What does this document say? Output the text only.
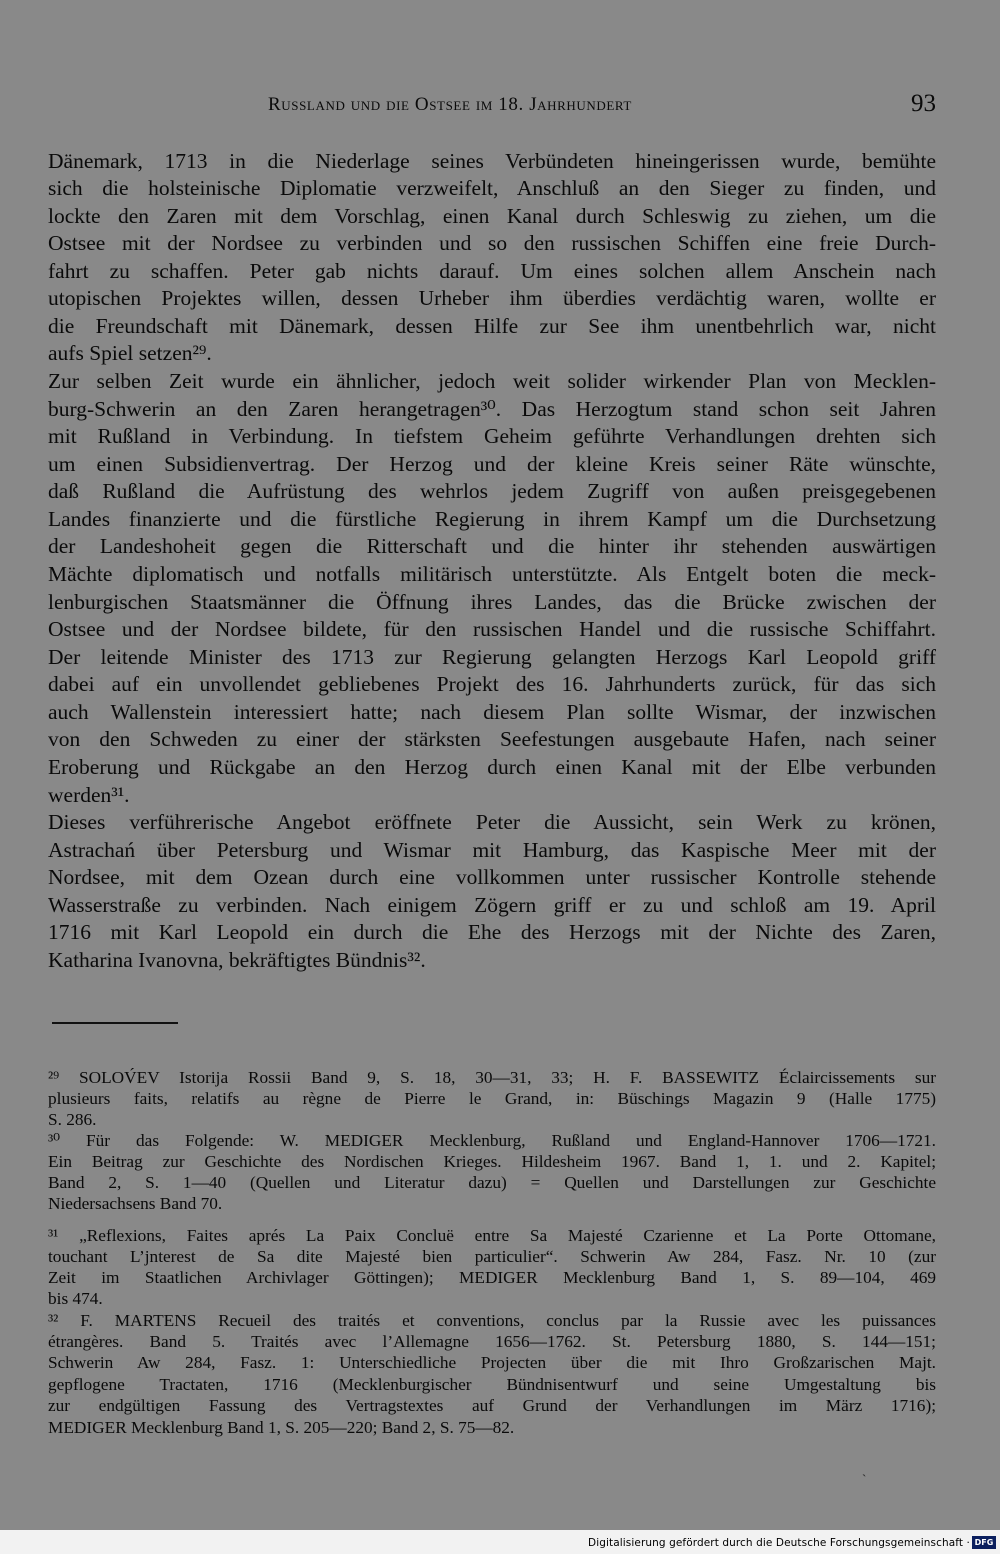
Russland und die Ostsee im 18. Jahrhundert	93
Dänemark, 1713 in die Niederlage seines Verbündeten hineingerissen wurde, bemühte
sich die holsteinische Diplomatie verzweifelt, Anschluß an den Sieger zu finden, und
lockte den Zaren mit dem Vorschlag, einen Kanal durch Schleswig zu ziehen, um die
Ostsee mit der Nordsee zu verbinden und so den russischen Schiffen eine freie Durch-
fahrt zu schaffen. Peter gab nichts darauf. Um eines solchen allem Anschein nach
utopischen Projektes willen, dessen Urheber ihm überdies verdächtig waren, wollte er
die Freundschaft mit Dänemark, dessen Hilfe zur See ihm unentbehrlich war, nicht
aufs Spiel setzen²⁹.
Zur selben Zeit wurde ein ähnlicher, jedoch weit solider wirkender Plan von Mecklen-
burg-Schwerin an den Zaren herangetragen³⁰. Das Herzogtum stand schon seit Jahren
mit Rußland in Verbindung. In tiefstem Geheim geführte Verhandlungen drehten sich
um einen Subsidienvertrag. Der Herzog und der kleine Kreis seiner Räte wünschte,
daß Rußland die Aufrüstung des wehrlos jedem Zugriff von außen preisgegebenen
Landes finanzierte und die fürstliche Regierung in ihrem Kampf um die Durchsetzung
der Landeshoheit gegen die Ritterschaft und die hinter ihr stehenden auswärtigen
Mächte diplomatisch und notfalls militärisch unterstützte. Als Entgelt boten die meck-
lenburgischen Staatsmänner die Öffnung ihres Landes, das die Brücke zwischen der
Ostsee und der Nordsee bildete, für den russischen Handel und die russische Schiffahrt.
Der leitende Minister des 1713 zur Regierung gelangten Herzogs Karl Leopold griff
dabei auf ein unvollendet gebliebenes Projekt des 16. Jahrhunderts zurück, für das sich
auch Wallenstein interessiert hatte; nach diesem Plan sollte Wismar, der inzwischen
von den Schweden zu einer der stärksten Seefestungen ausgebaute Hafen, nach seiner
Eroberung und Rückgabe an den Herzog durch einen Kanal mit der Elbe verbunden
werden³¹.
Dieses verführerische Angebot eröffnete Peter die Aussicht, sein Werk zu krönen,
Astrachań über Petersburg und Wismar mit Hamburg, das Kaspische Meer mit der
Nordsee, mit dem Ozean durch eine vollkommen unter russischer Kontrolle stehende
Wasserstraße zu verbinden. Nach einigem Zögern griff er zu und schloß am 19. April
1716 mit Karl Leopold ein durch die Ehe des Herzogs mit der Nichte des Zaren,
Katharina Ivanovna, bekräftigtes Bündnis³².
²⁹ SOLOV́EV Istorija Rossii Band 9, S. 18, 30—31, 33; H. F. BASSEWITZ Éclaircissements sur
plusieurs faits, relatifs au règne de Pierre le Grand, in: Büschings Magazin 9 (Halle 1775)
S. 286.
³⁰ Für das Folgende: W. MEDIGER Mecklenburg, Rußland und England-Hannover 1706—1721.
Ein Beitrag zur Geschichte des Nordischen Krieges. Hildesheim 1967. Band 1, 1. und 2. Kapitel;
Band 2, S. 1—40 (Quellen und Literatur dazu) = Quellen und Darstellungen zur Geschichte
Niedersachsens Band 70.
³¹ „Reflexions, Faites aprés La Paix Concluë entre Sa Majesté Czarienne et La Porte Ottomane,
touchant L’jnterest de Sa dite Majesté bien particulier“. Schwerin Aw 284, Fasz. Nr. 10 (zur
Zeit im Staatlichen Archivlager Göttingen); MEDIGER Mecklenburg Band 1, S. 89—104, 469
bis 474.
³² F. MARTENS Recueil des traités et conventions, conclus par la Russie avec les puissances
étrangères. Band 5. Traités avec l’Allemagne 1656—1762. St. Petersburg 1880, S. 144—151;
Schwerin Aw 284, Fasz. 1: Unterschiedliche Projecten über die mit Ihro Großzarischen Majt.
gepflogene Tractaten, 1716 (Mecklenburgischer Bündnisentwurf und seine Umgestaltung bis
zur endgültigen Fassung des Vertragstextes auf Grund der Verhandlungen im März 1716);
MEDIGER Mecklenburg Band 1, S. 205—220; Band 2, S. 75—82.
ˏ
Digitalisierung gefördert durch die Deutsche Forschungsgemeinschaft · DFG
